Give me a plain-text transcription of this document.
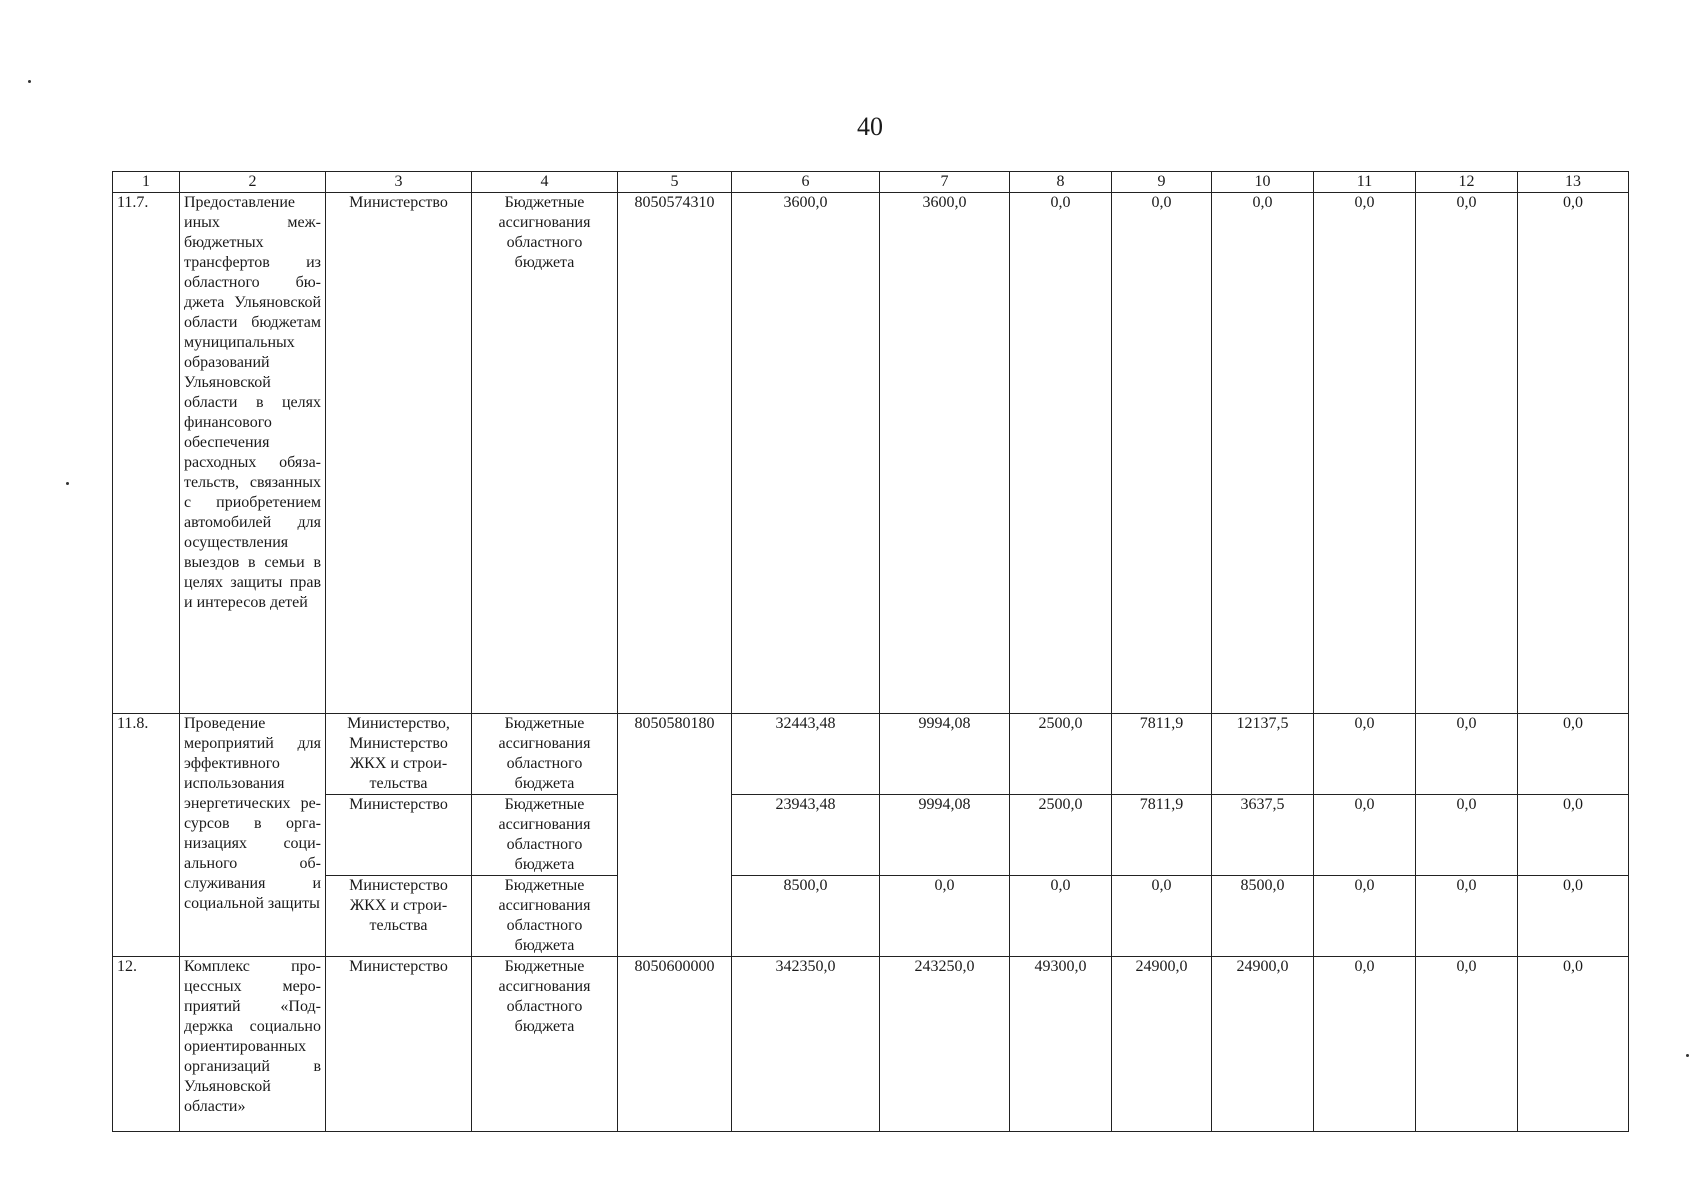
40
1	2	3	4	5	6	7	8	9	10	11	12	13
11.7.	Предоставление иных межбюджетных трансфертов из областного бюджета Ульяновской области бюджетам муниципальных образований Ульяновской области в целях финансового обеспечения расходных обязательств, связанных с приобретением автомобилей для осуществления выездов в семьи в целях защиты прав и интересов детей	Министерство	Бюджетные ассигнования областного бюджета	8050574310	3600,0	3600,0	0,0	0,0	0,0	0,0	0,0	0,0
11.8.	Проведение мероприятий для эффективного использования энергетических ресурсов в организациях социального обслуживания и социальной защиты	Министерство, Министерство ЖКХ и строительства	Бюджетные ассигнования областного бюджета	8050580180	32443,48	9994,08	2500,0	7811,9	12137,5	0,0	0,0	0,0
		Министерство	Бюджетные ассигнования областного бюджета		23943,48	9994,08	2500,0	7811,9	3637,5	0,0	0,0	0,0
		Министерство ЖКХ и строительства	Бюджетные ассигнования областного бюджета		8500,0	0,0	0,0	0,0	8500,0	0,0	0,0	0,0
12.	Комплекс процессных мероприятий «Поддержка социально ориентированных организаций в Ульяновской области»	Министерство	Бюджетные ассигнования областного бюджета	8050600000	342350,0	243250,0	49300,0	24900,0	24900,0	0,0	0,0	0,0
